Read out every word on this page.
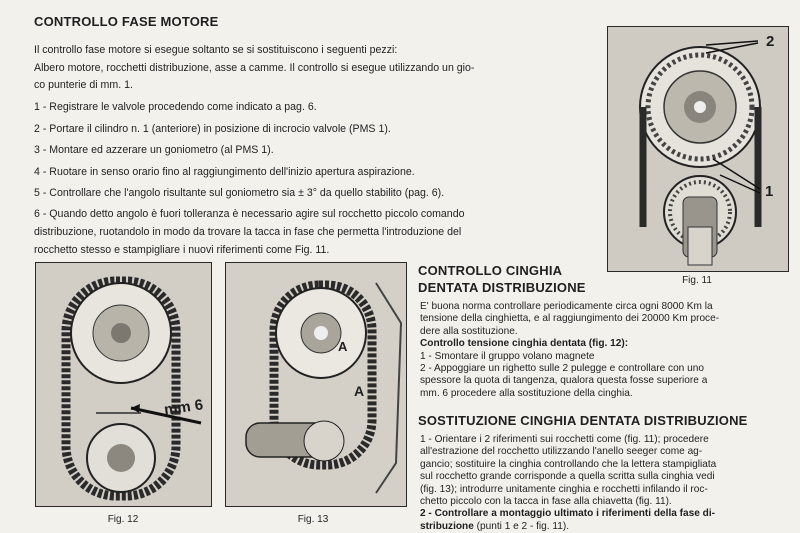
CONTROLLO FASE MOTORE
Il controllo fase motore si esegue soltanto se si sostituiscono i seguenti pezzi:
Albero motore, rocchetti distribuzione, asse a camme. Il controllo si esegue utilizzando un gio-
co punterie di mm. 1.
1 - Registrare le valvole procedendo come indicato a pag. 6.
2 - Portare il cilindro n. 1 (anteriore) in posizione di incrocio valvole (PMS 1).
3 - Montare ed azzerare un goniometro (al PMS 1).
4 - Ruotare in senso orario fino al raggiungimento dell'inizio apertura aspirazione.
5 - Controllare che l'angolo risultante sul goniometro sia ± 3° da quello stabilito (pag. 6).
6 - Quando detto angolo è fuori tolleranza è necessario agire sul rocchetto piccolo comando
distribuzione, ruotandolo in modo da trovare la tacca in fase che permetta l'introduzione del
rocchetto stesso e stampigliare i nuovi riferimenti come Fig. 11.
2
1
Fig. 11
mm 6
Fig. 12
A
A
Fig. 13
CONTROLLO CINGHIA
DENTATA DISTRIBUZIONE
E' buona norma controllare periodicamente circa ogni 8000 Km la
tensione della cinghietta, e al raggiungimento dei 20000 Km proce-
dere alla sostituzione.
Controllo tensione cinghia dentata (fig. 12):
1 - Smontare il gruppo volano magnete
2 - Appoggiare un righetto sulle 2 pulegge e controllare con uno
spessore la quota di tangenza, qualora questa fosse superiore a
mm. 6 procedere alla sostituzione della cinghia.
SOSTITUZIONE CINGHIA DENTATA DISTRIBUZIONE
1 - Orientare i 2 riferimenti sui rocchetti come (fig. 11); procedere
all'estrazione del rocchetto utilizzando l'anello seeger come ag-
gancio; sostituire la cinghia controllando che la lettera stampigliata
sul rocchetto grande corrisponde a quella scritta sulla cinghia vedi
(fig. 13); introdurre unitamente cinghia e rocchetti infilando il roc-
chetto piccolo con la tacca in fase alla chiavetta (fig. 11).
2 - Controllare a montaggio ultimato i riferimenti della fase di-
stribuzione (punti 1 e 2 - fig. 11).
